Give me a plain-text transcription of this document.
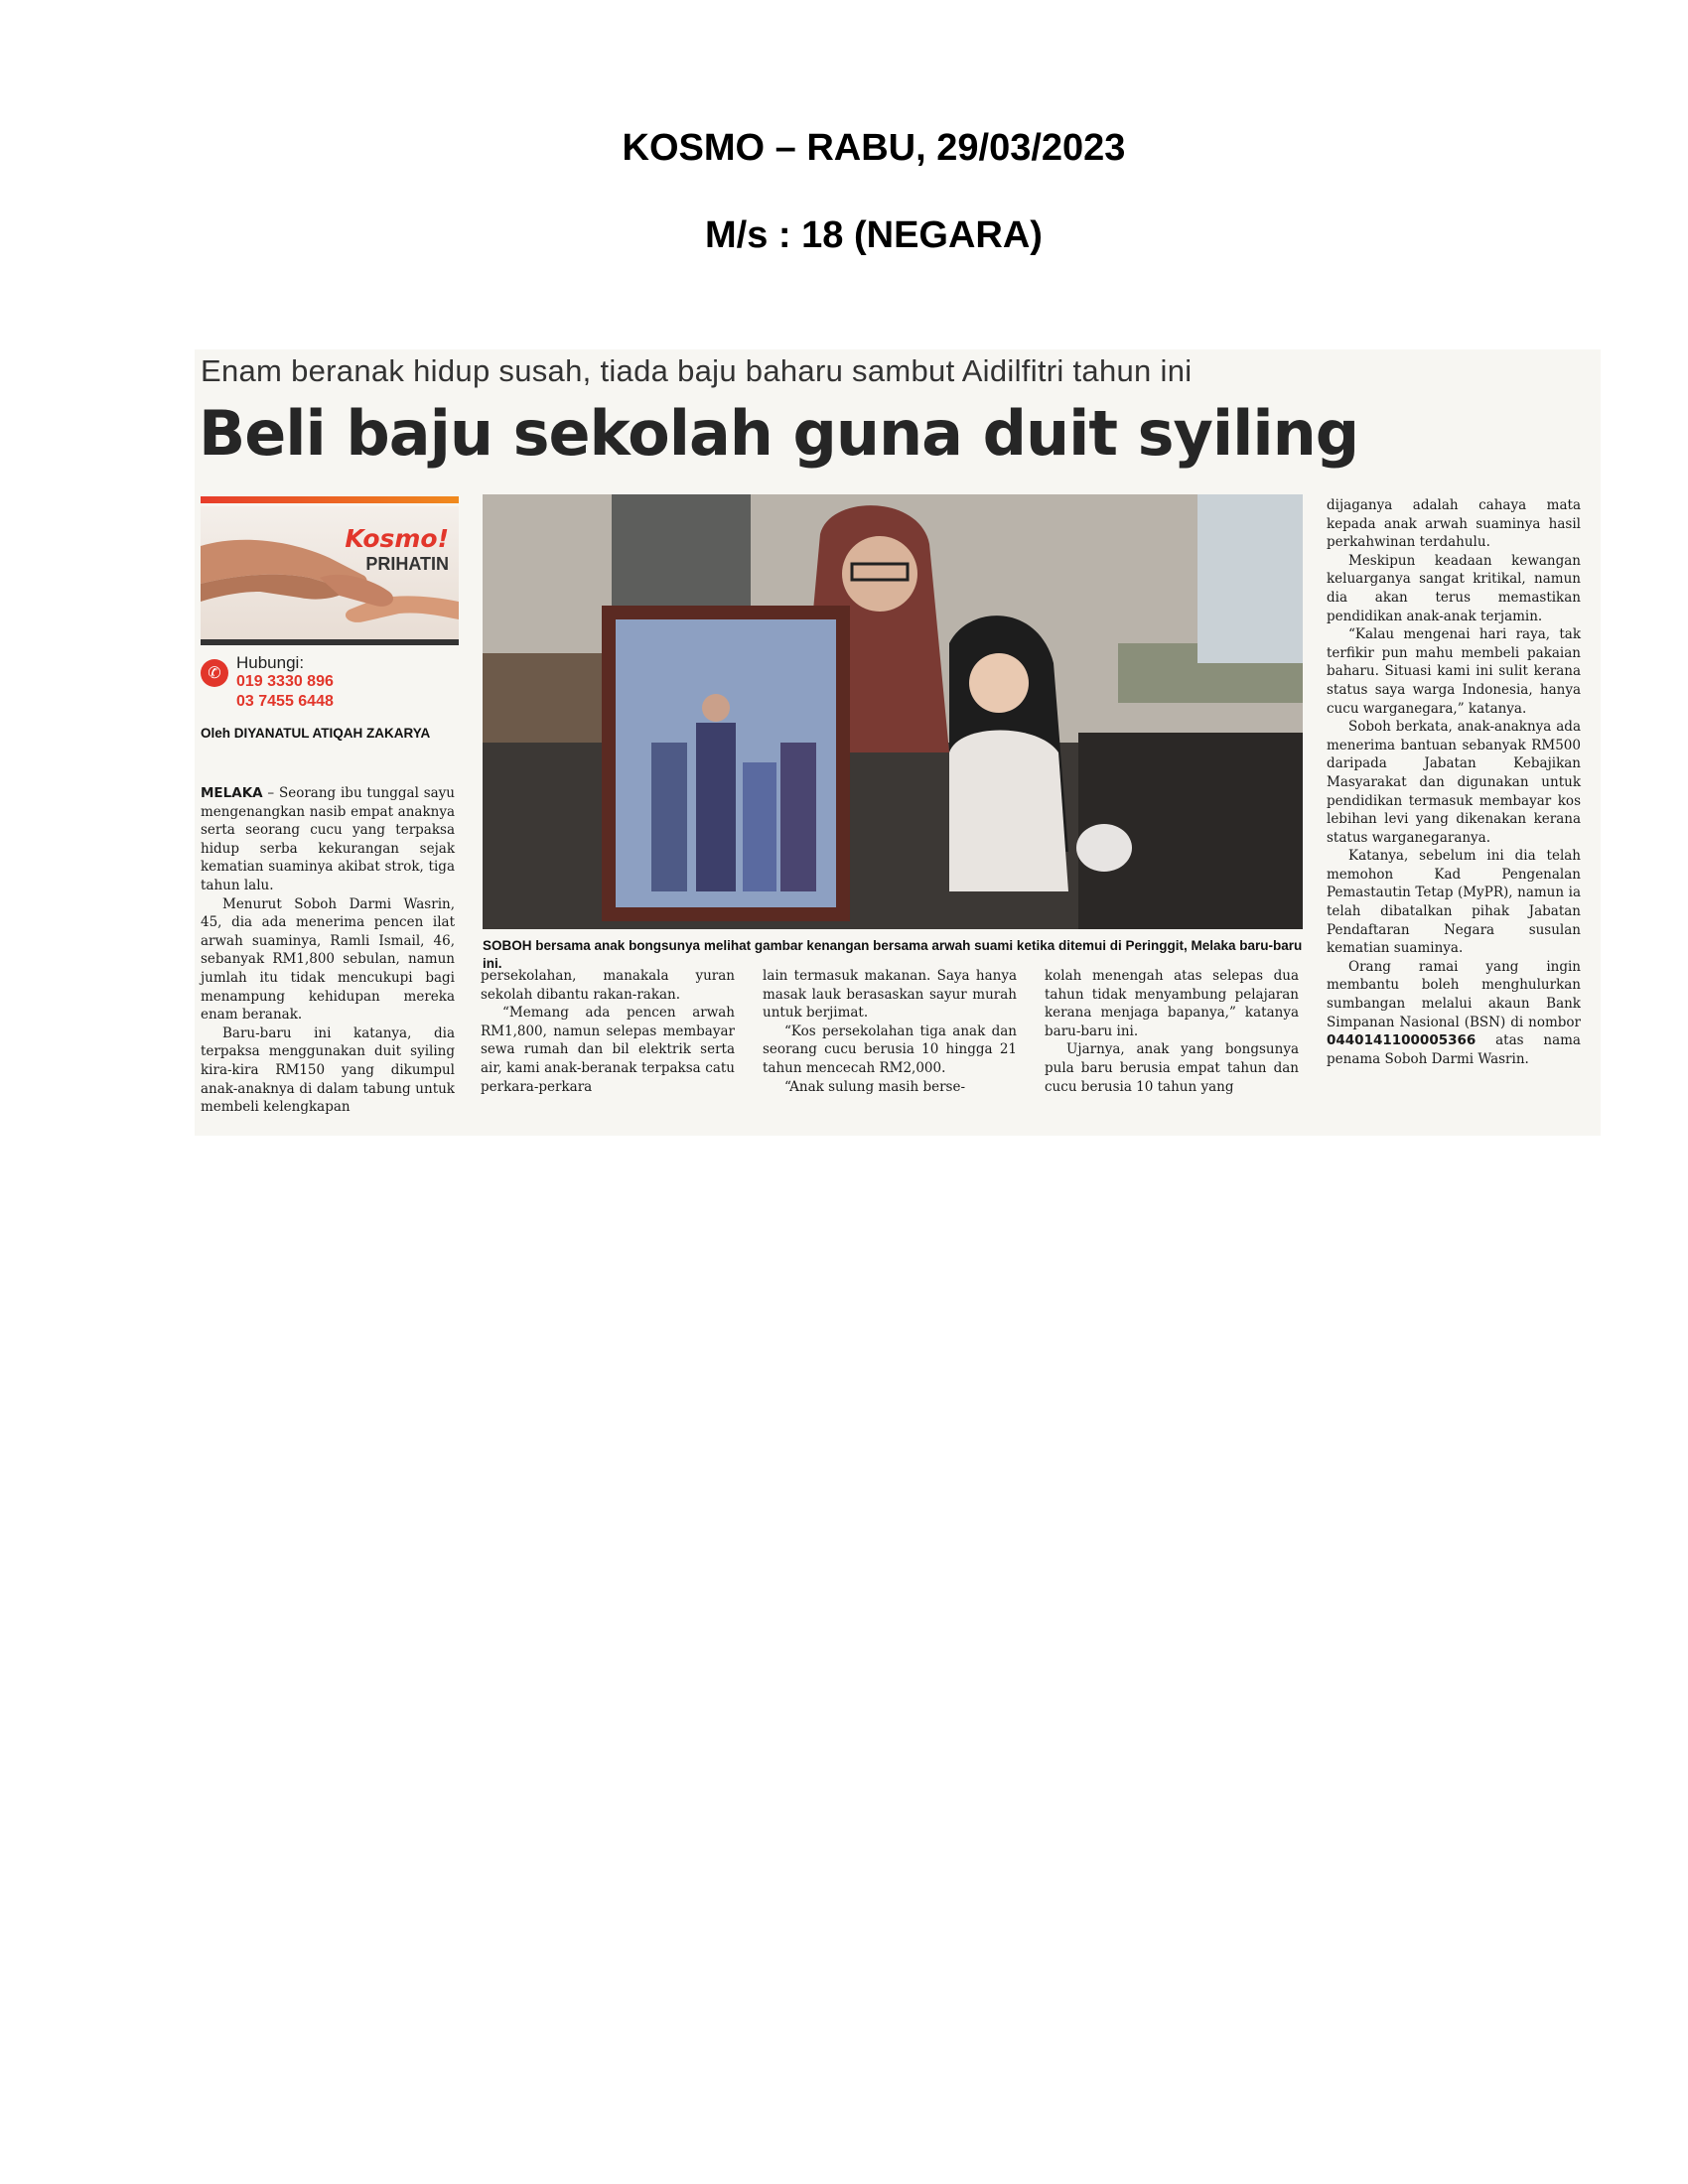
KOSMO – RABU, 29/03/2023
M/s : 18 (NEGARA)
Enam beranak hidup susah, tiada baju baharu sambut Aidilfitri tahun ini
Beli baju sekolah guna duit syiling
Kosmo!
PRIHATIN
✆
Hubungi:
019 3330 896
03 7455 6448
Oleh DIYANATUL ATIQAH ZAKARYA

MELAKA – Seorang ibu tunggal sayu mengenangkan nasib empat anaknya serta seorang cucu yang terpaksa hidup serba kekurangan sejak kematian suaminya akibat strok, tiga tahun lalu.

Menurut Soboh Darmi Wasrin, 45, dia ada menerima pencen ilat arwah suaminya, Ramli Ismail, 46, sebanyak RM1,800 sebulan, namun jumlah itu tidak mencukupi bagi menampung kehidupan mereka enam beranak.

Baru-baru ini katanya, dia terpaksa menggunakan duit syiling kira-kira RM150 yang dikumpul anak-anaknya di dalam tabung untuk membeli kelengkapan

SOBOH bersama anak bongsunya melihat gambar kenangan bersama arwah suami ketika ditemui di Peringgit, Melaka baru-baru ini.

persekolahan, manakala yuran sekolah dibantu rakan-rakan.

“Memang ada pencen arwah RM1,800, namun selepas membayar sewa rumah dan bil elektrik serta air, kami anak-beranak terpaksa catu perkara-perkara

lain termasuk makanan. Saya hanya masak lauk berasaskan sayur murah untuk berjimat.

“Kos persekolahan tiga anak dan seorang cucu berusia 10 hingga 21 tahun mencecah RM2,000.

“Anak sulung masih berse-

kolah menengah atas selepas dua tahun tidak menyambung pelajaran kerana menjaga bapanya,” katanya baru-baru ini.

Ujarnya, anak yang bongsunya pula baru berusia empat tahun dan cucu berusia 10 tahun yang

dijaganya adalah cahaya mata kepada anak arwah suaminya hasil perkahwinan terdahulu.

Meskipun keadaan kewangan keluarganya sangat kritikal, namun dia akan terus memastikan pendidikan anak-anak terjamin.

“Kalau mengenai hari raya, tak terfikir pun mahu membeli pakaian baharu. Situasi kami ini sulit kerana status saya warga Indonesia, hanya cucu warganegara,” katanya.

Soboh berkata, anak-anaknya ada menerima bantuan sebanyak RM500 daripada Jabatan Kebajikan Masyarakat dan digunakan untuk pendidikan termasuk membayar kos lebihan levi yang dikenakan kerana status warganegaranya.

Katanya, sebelum ini dia telah memohon Kad Pengenalan Pemastautin Tetap (MyPR), namun ia telah dibatalkan pihak Jabatan Pendaftaran Negara susulan kematian suaminya.

Orang ramai yang ingin membantu boleh menghulurkan sumbangan melalui akaun Bank Simpanan Nasional (BSN) di nombor 0440141100005366 atas nama penama Soboh Darmi Wasrin.
